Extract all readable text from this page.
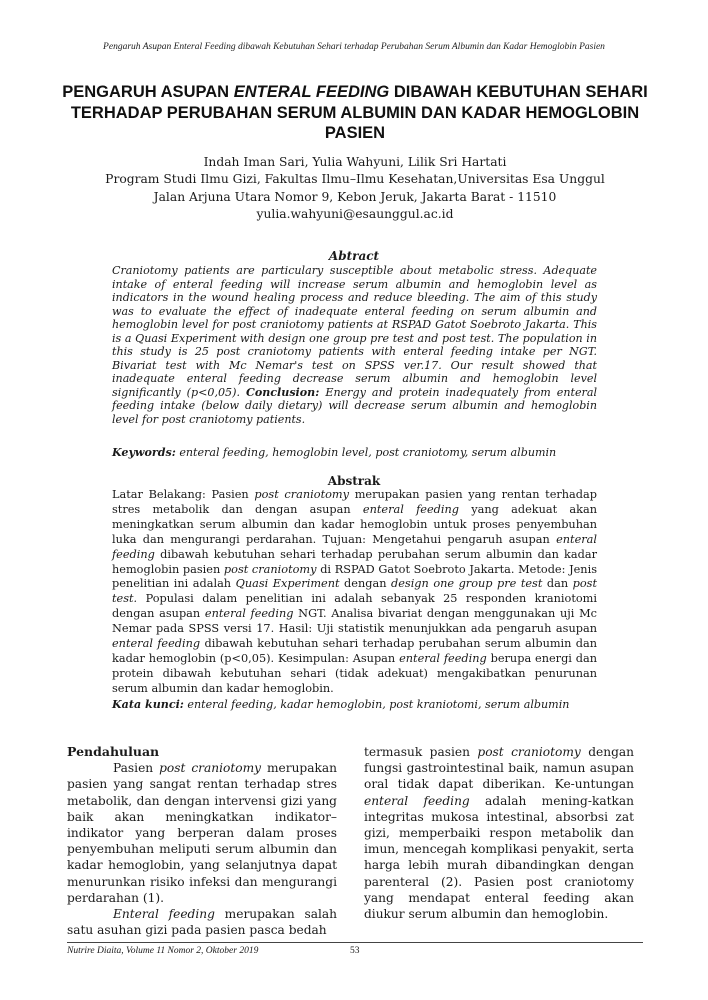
Pengaruh Asupan Enteral Feeding dibawah Kebutuhan Sehari terhadap Perubahan Serum Albumin dan Kadar Hemoglobin Pasien
PENGARUH ASUPAN ENTERAL FEEDING DIBAWAH KEBUTUHAN SEHARI TERHADAP PERUBAHAN SERUM ALBUMIN DAN KADAR HEMOGLOBIN PASIEN
Indah Iman Sari, Yulia Wahyuni, Lilik Sri Hartati
Program Studi Ilmu Gizi, Fakultas Ilmu–Ilmu Kesehatan,Universitas Esa Unggul
Jalan Arjuna Utara Nomor 9, Kebon Jeruk, Jakarta Barat - 11510
yulia.wahyuni@esaunggul.ac.id
Abtract
Craniotomy patients are particulary susceptible about metabolic stress. Adequate intake of enteral feeding will increase serum albumin and hemoglobin level as indicators in the wound healing process and reduce bleeding. The aim of this study was to evaluate the effect of inadequate enteral feeding on serum albumin and hemoglobin level for post craniotomy patients at RSPAD Gatot Soebroto Jakarta. This is a Quasi Experiment with design one group pre test and post test. The population in this study is 25 post craniotomy patients with enteral feeding intake per NGT. Bivariat test with Mc Nemar's test on SPSS ver.17. Our result showed that inadequate enteral feeding decrease serum albumin and hemoglobin level significantly (p<0,05). Conclusion: Energy and protein inadequately from enteral feeding intake (below daily dietary) will decrease serum albumin and hemoglobin level for post craniotomy patients.
Keywords: enteral feeding, hemoglobin level, post craniotomy, serum albumin
Abstrak
Latar Belakang: Pasien post craniotomy merupakan pasien yang rentan terhadap stres metabolik dan dengan asupan enteral feeding yang adekuat akan meningkatkan serum albumin dan kadar hemoglobin untuk proses penyembuhan luka dan mengurangi perdarahan. Tujuan: Mengetahui pengaruh asupan enteral feeding dibawah kebutuhan sehari terhadap perubahan serum albumin dan kadar hemoglobin pasien post craniotomy di RSPAD Gatot Soebroto Jakarta. Metode: Jenis penelitian ini adalah Quasi Experiment dengan design one group pre test dan post test. Populasi dalam penelitian ini adalah sebanyak 25 responden kraniotomi dengan asupan enteral feeding NGT. Analisa bivariat dengan menggunakan uji Mc Nemar pada SPSS versi 17. Hasil: Uji statistik menunjukkan ada pengaruh asupan enteral feeding dibawah kebutuhan sehari terhadap perubahan serum albumin dan kadar hemoglobin (p<0,05). Kesimpulan: Asupan enteral feeding berupa energi dan protein dibawah kebutuhan sehari (tidak adekuat) mengakibatkan penurunan serum albumin dan kadar hemoglobin.
Kata kunci: enteral feeding, kadar hemoglobin, post kraniotomi, serum albumin

Pendahuluan

Pasien post craniotomy merupakan pasien yang sangat rentan terhadap stres metabolik, dan dengan intervensi gizi yang baik akan meningkatkan indikator–indikator yang berperan dalam proses penyembuhan meliputi serum albumin dan kadar hemoglobin, yang selanjutnya dapat menurunkan risiko infeksi dan mengurangi perdarahan (1).

Enteral feeding merupakan salah satu asuhan gizi pada pasien pasca bedah

termasuk pasien post craniotomy dengan fungsi gastrointestinal baik, namun asupan oral tidak dapat diberikan. Ke-untungan enteral feeding adalah mening-katkan integritas mukosa intestinal, absorbsi zat gizi, memperbaiki respon metabolik dan imun, mencegah komplikasi penyakit, serta harga lebih murah dibandingkan dengan parenteral (2). Pasien post craniotomy yang mendapat enteral feeding akan diukur serum albumin dan hemoglobin.

Nutrire Diaita, Volume 11 Nomor 2, Oktober 2019	53
